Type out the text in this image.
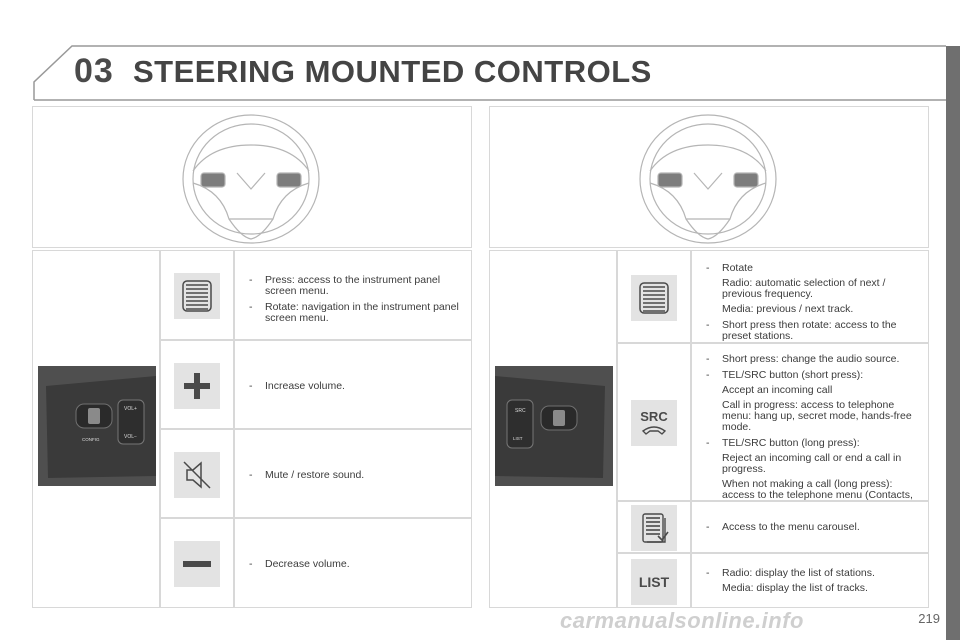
03 STEERING MOUNTED CONTROLS
VOL+
VOL−
CONFIG
- Press: access to the instrument panel screen menu.
- Rotate: navigation in the instrument panel screen menu.
- Increase volume.
- Mute / restore sound.
- Decrease volume.
SRC
LIST
- Rotate
Radio: automatic selection of next / previous frequency.
Media: previous / next track.
- Short press then rotate: access to the preset stations.
SRC
- Short press: change the audio source.
- TEL/SRC button (short press):
Accept an incoming call
Call in progress: access to telephone menu: hang up, secret mode, hands-free mode.
- TEL/SRC button (long press):
Reject an incoming call or end a call in progress.
When not making a call (long press): access to the telephone menu (Contacts,
- Access to the menu carousel.
LIST
- Radio: display the list of stations.
Media: display the list of tracks.
carmanualsonline.info	219
